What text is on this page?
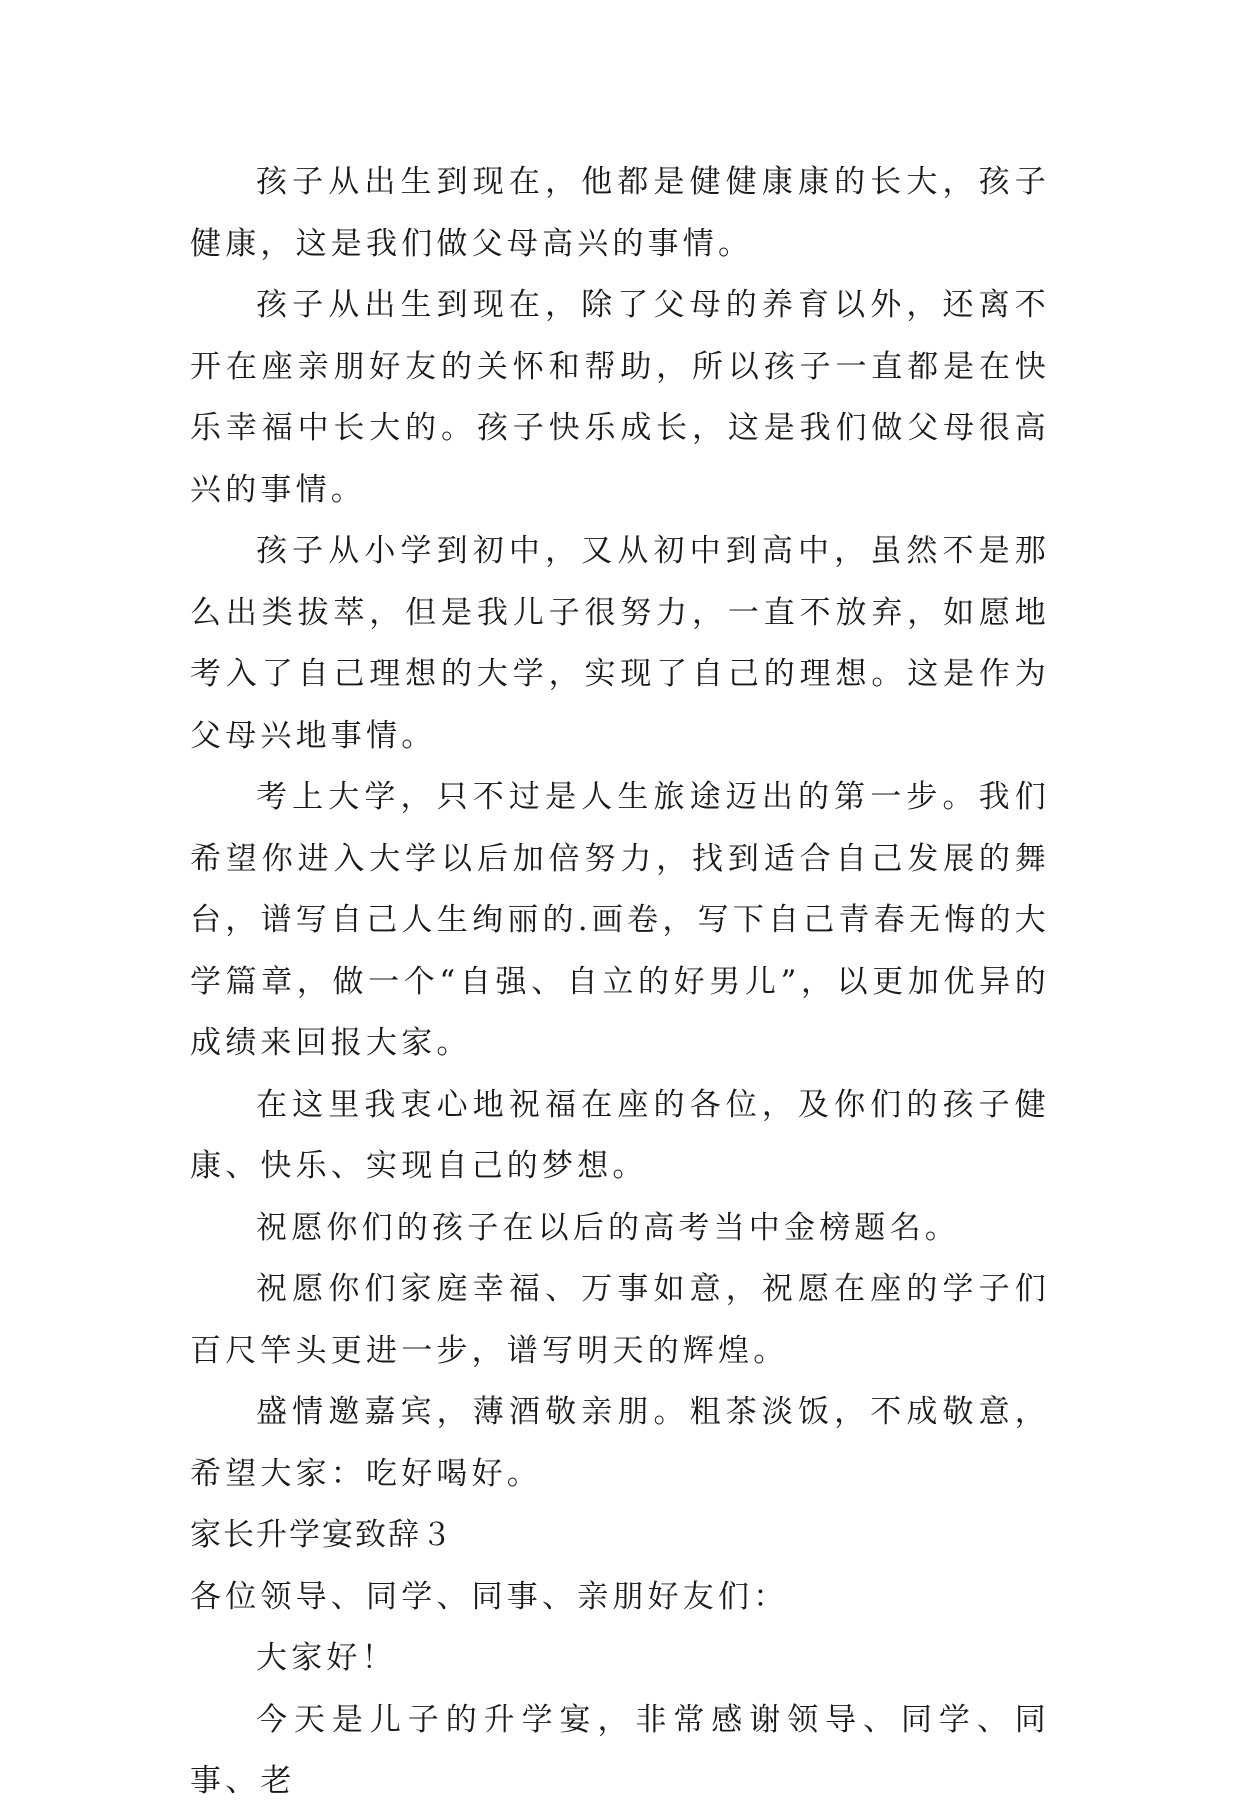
孩子从出生到现在，他都是健健康康的长大，孩子健康，这是我们做父母高兴的事情。

孩子从出生到现在，除了父母的养育以外，还离不开在座亲朋好友的关怀和帮助，所以孩子一直都是在快乐幸福中长大的。孩子快乐成长，这是我们做父母很高兴的事情。

孩子从小学到初中，又从初中到高中，虽然不是那么出类拔萃，但是我儿子很努力，一直不放弃，如愿地考入了自己理想的大学，实现了自己的理想。这是作为父母兴地事情。

考上大学，只不过是人生旅途迈出的第一步。我们希望你进入大学以后加倍努力，找到适合自己发展的舞台，谱写自己人生绚丽的.画卷，写下自己青春无悔的大学篇章，做一个“自强、自立的好男儿”，以更加优异的成绩来回报大家。

在这里我衷心地祝福在座的各位，及你们的孩子健康、快乐、实现自己的梦想。

祝愿你们的孩子在以后的高考当中金榜题名。

祝愿你们家庭幸福、万事如意，祝愿在座的学子们百尺竿头更进一步，谱写明天的辉煌。

盛情邀嘉宾，薄酒敬亲朋。粗茶淡饭，不成敬意，希望大家：吃好喝好。

家长升学宴致辞３

各位领导、同学、同事、亲朋好友们：

大家好！

今天是儿子的升学宴，非常感谢领导、同学、同事、老
